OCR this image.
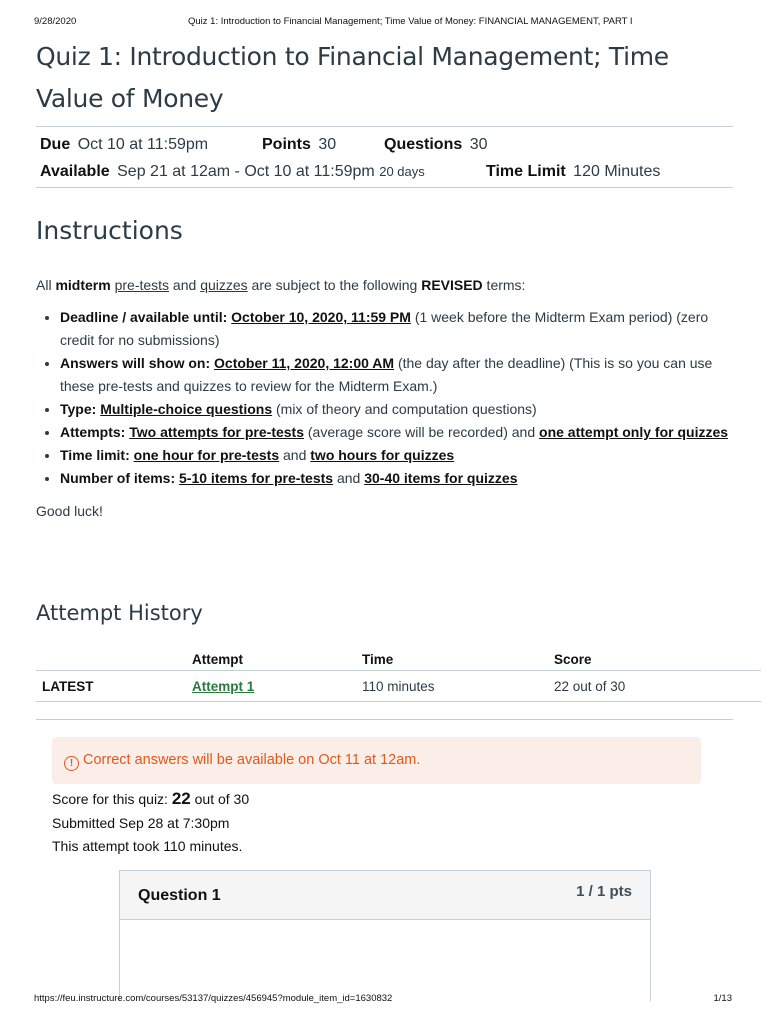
9/28/2020	Quiz 1: Introduction to Financial Management; Time Value of Money: FINANCIAL MANAGEMENT, PART I
Quiz 1: Introduction to Financial Management; Time Value of Money
Due Oct 10 at 11:59pm	Points 30	Questions 30
Available Sep 21 at 12am - Oct 10 at 11:59pm 20 days	Time Limit 120 Minutes
Instructions

All midterm pre-tests and quizzes are subject to the following REVISED terms:

• Deadline / available until: October 10, 2020, 11:59 PM (1 week before the Midterm Exam period) (zero credit for no submissions)
• Answers will show on: October 11, 2020, 12:00 AM (the day after the deadline) (This is so you can use these pre-tests and quizzes to review for the Midterm Exam.)
• Type: Multiple-choice questions (mix of theory and computation questions)
• Attempts: Two attempts for pre-tests (average score will be recorded) and one attempt only for quizzes
• Time limit: one hour for pre-tests and two hours for quizzes
• Number of items: 5-10 items for pre-tests and 30-40 items for quizzes

Good luck!

Attempt History
	Attempt	Time	Score
LATEST	Attempt 1	110 minutes	22 out of 30
! Correct answers will be available on Oct 11 at 12am.
Score for this quiz: 22 out of 30
Submitted Sep 28 at 7:30pm
This attempt took 110 minutes.
Question 1	1 / 1 pts
https://feu.instructure.com/courses/53137/quizzes/456945?module_item_id=1630832	1/13
